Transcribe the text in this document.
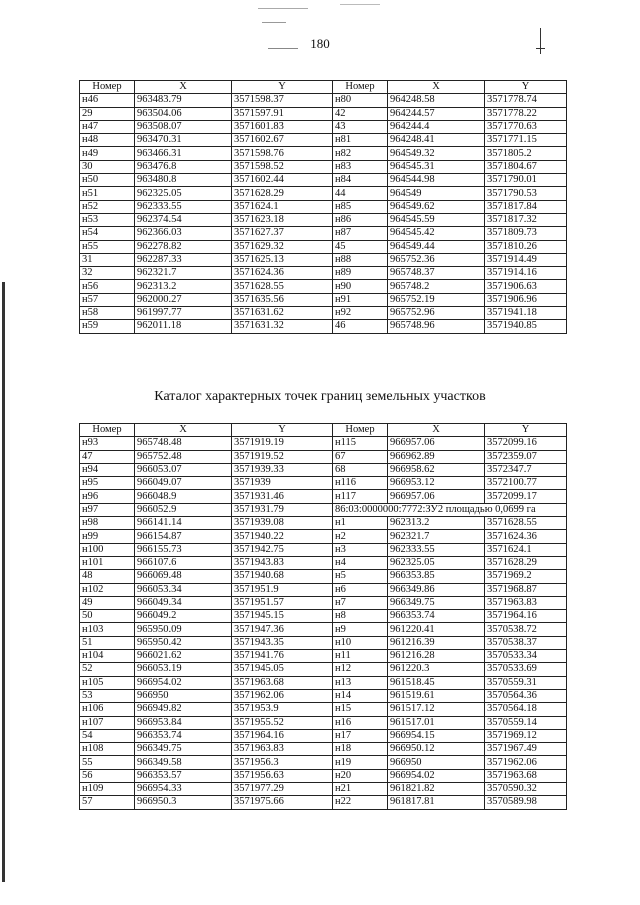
180
Номер	X	Y	Номер	X	Y
н46	963483.79	3571598.37	н80	964248.58	3571778.74
29	963504.06	3571597.91	42	964244.57	3571778.22
н47	963508.07	3571601.83	43	964244.4	3571770.63
н48	963470.31	3571602.67	н81	964248.41	3571771.15
н49	963466.31	3571598.76	н82	964549.32	3571805.2
30	963476.8	3571598.52	н83	964545.31	3571804.67
н50	963480.8	3571602.44	н84	964544.98	3571790.01
н51	962325.05	3571628.29	44	964549	3571790.53
н52	962333.55	3571624.1	н85	964549.62	3571817.84
н53	962374.54	3571623.18	н86	964545.59	3571817.32
н54	962366.03	3571627.37	н87	964545.42	3571809.73
н55	962278.82	3571629.32	45	964549.44	3571810.26
31	962287.33	3571625.13	н88	965752.36	3571914.49
32	962321.7	3571624.36	н89	965748.37	3571914.16
н56	962313.2	3571628.55	н90	965748.2	3571906.63
н57	962000.27	3571635.56	н91	965752.19	3571906.96
н58	961997.77	3571631.62	н92	965752.96	3571941.18
н59	962011.18	3571631.32	46	965748.96	3571940.85
Каталог характерных точек границ земельных участков
Номер	X	Y	Номер	X	Y
н93	965748.48	3571919.19	н115	966957.06	3572099.16
47	965752.48	3571919.52	67	966962.89	3572359.07
н94	966053.07	3571939.33	68	966958.62	3572347.7
н95	966049.07	3571939	н116	966953.12	3572100.77
н96	966048.9	3571931.46	н117	966957.06	3572099.17
н97	966052.9	3571931.79	86:03:0000000:7772:ЗУ2 площадью 0,0699 га		
н98	966141.14	3571939.08	н1	962313.2	3571628.55
н99	966154.87	3571940.22	н2	962321.7	3571624.36
н100	966155.73	3571942.75	н3	962333.55	3571624.1
н101	966107.6	3571943.83	н4	962325.05	3571628.29
48	966069.48	3571940.68	н5	966353.85	3571969.2
н102	966053.34	3571951.9	н6	966349.86	3571968.87
49	966049.34	3571951.57	н7	966349.75	3571963.83
50	966049.2	3571945.15	н8	966353.74	3571964.16
н103	965950.09	3571947.36	н9	961220.41	3570538.72
51	965950.42	3571943.35	н10	961216.39	3570538.37
н104	966021.62	3571941.76	н11	961216.28	3570533.34
52	966053.19	3571945.05	н12	961220.3	3570533.69
н105	966954.02	3571963.68	н13	961518.45	3570559.31
53	966950	3571962.06	н14	961519.61	3570564.36
н106	966949.82	3571953.9	н15	961517.12	3570564.18
н107	966953.84	3571955.52	н16	961517.01	3570559.14
54	966353.74	3571964.16	н17	966954.15	3571969.12
н108	966349.75	3571963.83	н18	966950.12	3571967.49
55	966349.58	3571956.3	н19	966950	3571962.06
56	966353.57	3571956.63	н20	966954.02	3571963.68
н109	966954.33	3571977.29	н21	961821.82	3570590.32
57	966950.3	3571975.66	н22	961817.81	3570589.98
